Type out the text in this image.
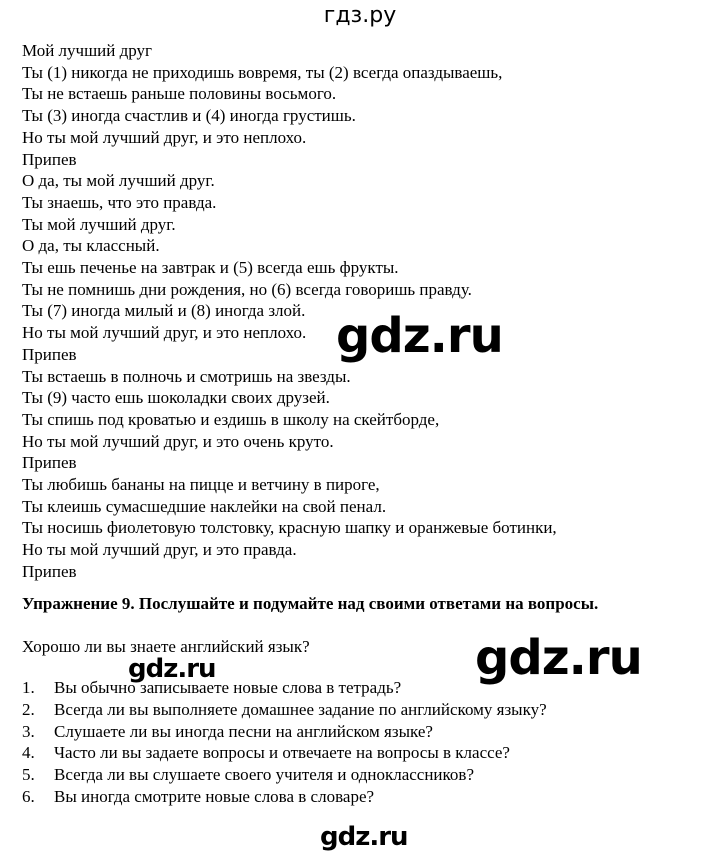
гдз.ру
Мой лучший друг
Ты (1) никогда не приходишь вовремя, ты (2) всегда опаздываешь,
Ты не встаешь раньше половины восьмого.
Ты (3) иногда счастлив и (4) иногда грустишь.
Но ты мой лучший друг, и это неплохо.
Припев
О да, ты мой лучший друг.
Ты знаешь, что это правда.
Ты мой лучший друг.
О да, ты классный.
Ты ешь печенье на завтрак и (5) всегда ешь фрукты.
Ты не помнишь дни рождения, но (6) всегда говоришь правду.
Ты (7) иногда милый и (8) иногда злой.
Но ты мой лучший друг, и это неплохо.
Припев
Ты встаешь в полночь и смотришь на звезды.
Ты (9) часто ешь шоколадки своих друзей.
Ты спишь под кроватью и ездишь в школу на скейтборде,
Но ты мой лучший друг, и это очень круто.
Припев
Ты любишь бананы на пицце и ветчину в пироге,
Ты клеишь сумасшедшие наклейки на свой пенал.
Ты носишь фиолетовую толстовку, красную шапку и оранжевые ботинки,
Но ты мой лучший друг, и это правда.
Припев
Упражнение 9. Послушайте и подумайте над своими ответами на вопросы.
Хорошо ли вы знаете английский язык?
1. Вы обычно записываете новые слова в тетрадь?
2. Всегда ли вы выполняете домашнее задание по английскому языку?
3. Слушаете ли вы иногда песни на английском языке?
4. Часто ли вы задаете вопросы и отвечаете на вопросы в классе?
5. Всегда ли вы слушаете своего учителя и одноклассников?
6. Вы иногда смотрите новые слова в словаре?
gdz.ru
gdz.ru
gdz.ru
gdz.ru
